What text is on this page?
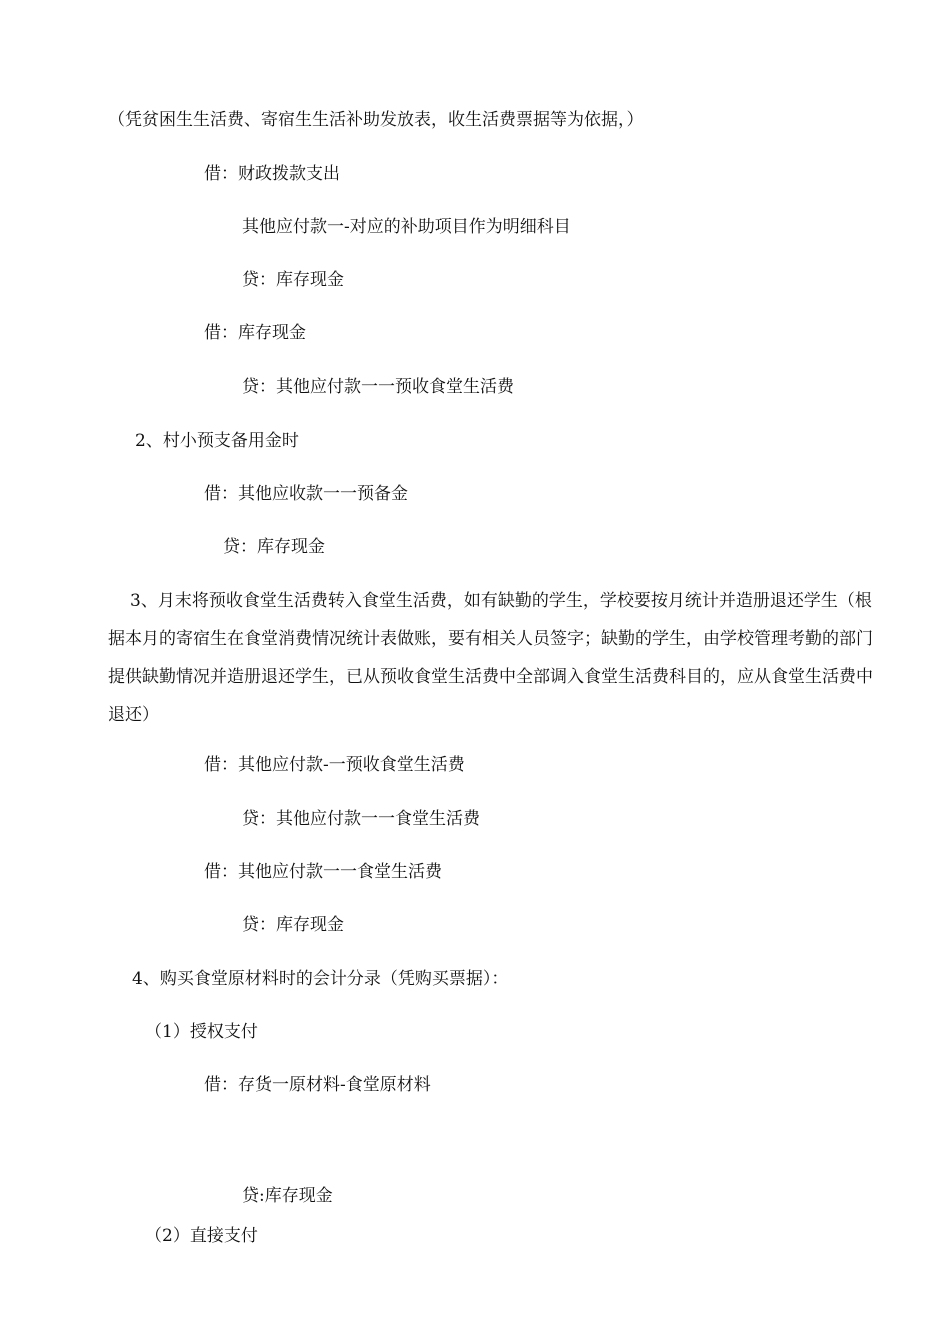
（凭贫困生生活费、寄宿生生活补助发放表，收生活费票据等为依据，）
借：财政拨款支出
其他应付款一-对应的补助项目作为明细科目
贷：库存现金
借：库存现金
贷：其他应付款一一预收食堂生活费
2、村小预支备用金时
借：其他应收款一一预备金
贷：库存现金
3、月末将预收食堂生活费转入食堂生活费，如有缺勤的学生，学校要按月统计并造册退还学生（根据本月的寄宿生在食堂消费情况统计表做账，要有相关人员签字；缺勤的学生，由学校管理考勤的部门提供缺勤情况并造册退还学生，已从预收食堂生活费中全部调入食堂生活费科目的，应从食堂生活费中退还）
借：其他应付款-一预收食堂生活费
贷：其他应付款一一食堂生活费
借：其他应付款一一食堂生活费
贷：库存现金
4、购买食堂原材料时的会计分录（凭购买票据）：
（1）授权支付
借：存货一原材料-食堂原材料
贷:库存现金
（2）直接支付
